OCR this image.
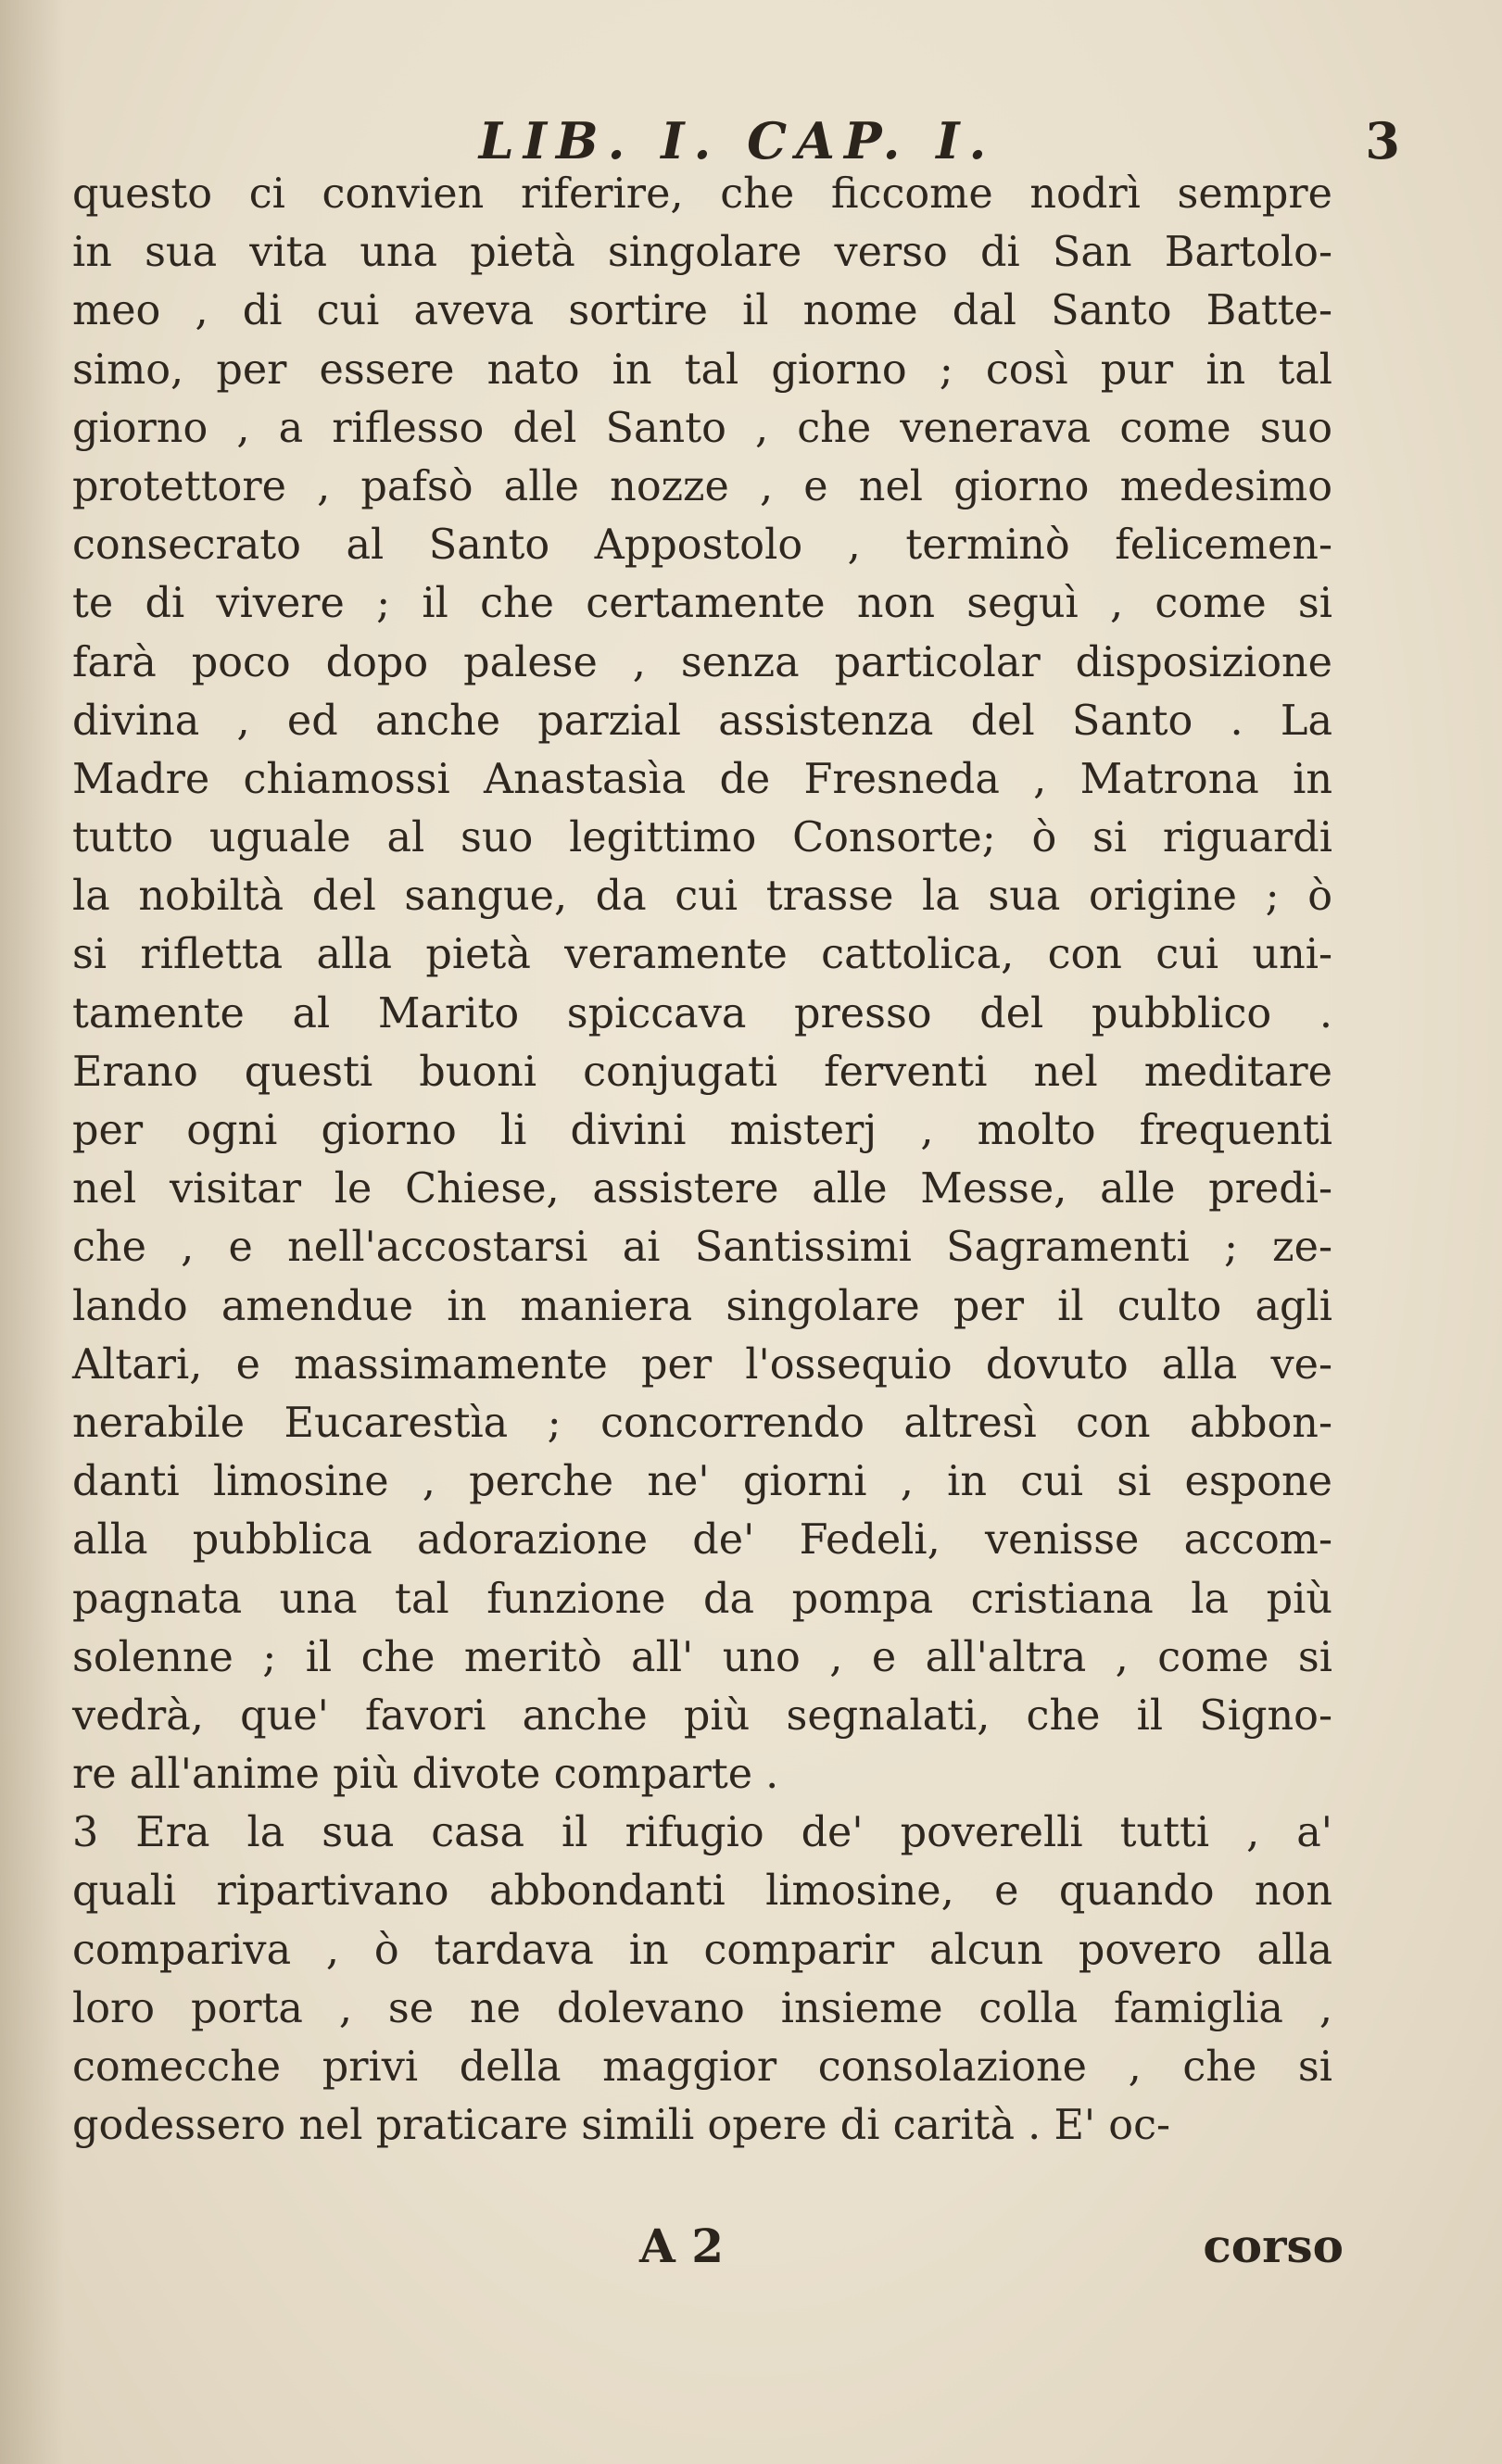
LIB. I. CAP. I.	3
questo ci convien riferire, che ficcome nodrì sempre
in sua vita una pietà singolare verso di San Bartolo-
meo , di cui aveva sortire il nome dal Santo Batte-
simo, per essere nato in tal giorno ; così pur in tal
giorno , a riflesso del Santo , che venerava come suo
protettore , pafsò alle nozze , e nel giorno medesimo
consecrato al Santo Appostolo , terminò felicemen-
te di vivere ; il che certamente non seguì , come si
farà poco dopo palese , senza particolar disposizione
divina , ed anche parzial assistenza del Santo . La
Madre chiamossi Anastasìa de Fresneda , Matrona in
tutto uguale al suo legittimo Consorte; ò si riguardi
la nobiltà del sangue, da cui trasse la sua origine ; ò
si rifletta alla pietà veramente cattolica, con cui uni-
tamente al Marito spiccava presso del pubblico .
Erano questi buoni conjugati ferventi nel meditare
per ogni giorno li divini misterj , molto frequenti
nel visitar le Chiese, assistere alle Messe, alle predi-
che , e nell'accostarsi ai Santissimi Sagramenti ; ze-
lando amendue in maniera singolare per il culto agli
Altari, e massimamente per l'ossequio dovuto alla ve-
nerabile Eucarestìa ; concorrendo altresì con abbon-
danti limosine , perche ne' giorni , in cui si espone
alla pubblica adorazione de' Fedeli, venisse accom-
pagnata una tal funzione da pompa cristiana la più
solenne ; il che meritò all' uno , e all'altra , come si
vedrà, que' favori anche più segnalati, che il Signo-
re all'anime più divote comparte .
3 Era la sua casa il rifugio de' poverelli tutti , a'
quali ripartivano abbondanti limosine, e quando non
compariva , ò tardava in comparir alcun povero alla
loro porta , se ne dolevano insieme colla famiglia ,
comecche privi della maggior consolazione , che si
godessero nel praticare simili opere di carità . E' oc-
A 2	corso
